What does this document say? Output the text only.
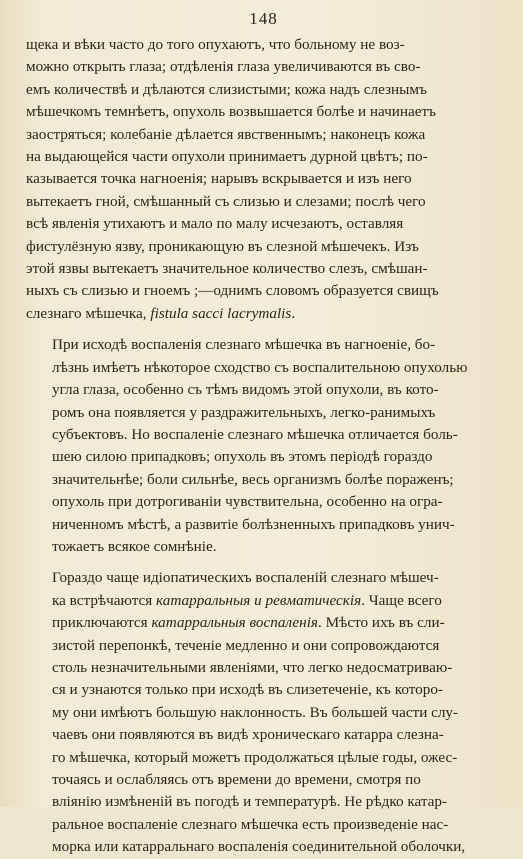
148

щека и вѣки часто до того опухаютъ, что больному не воз-
можно открыть глаза; отдѣленія глаза увеличиваются въ сво-
емъ количествѣ и дѣлаются слизистыми; кожа надъ слезнымъ
мѣшечкомъ темнѣетъ, опухоль возвышается болѣе и начинаетъ
заостряться; колебаніе дѣлается явственнымъ; наконецъ кожа
на выдающейся части опухоли принимаетъ дурной цвѣтъ; по-
казывается точка нагноенія; нарывъ вскрывается и изъ него
вытекаетъ гной, смѣшанный съ слизью и слезами; послѣ чего
всѣ явленія утихаютъ и мало по малу исчезаютъ, оставляя
фистулёзную язву, проникающую въ слезной мѣшечекъ. Изъ
этой язвы вытекаетъ значительное количество слезъ, смѣшан-
ныхъ съ слизью и гноемъ ;—однимъ словомъ образуется свищъ
слезнаго мѣшечка, fistula sacci lacrymalis.

При исходѣ воспаленія слезнаго мѣшечка въ нагноеніе, бо-
лѣзнь имѣетъ нѣкоторое сходство съ воспалительною опухолью
угла глаза, особенно съ тѣмъ видомъ этой опухоли, въ кото-
ромъ она появляется у раздражительныхъ, легко-ранимыхъ
субъектовъ. Но воспаленіе слезнаго мѣшечка отличается боль-
шею силою припадковъ; опухоль въ этомъ періодѣ гораздо
значительнѣе; боли сильнѣе, весь организмъ болѣе пораженъ;
опухоль при дотрогиваніи чувствительна, особенно на огра-
ниченномъ мѣстѣ, а развитіе болѣзненныхъ припадковъ унич-
тожаетъ всякое сомнѣніе.

Гораздо чаще идіопатическихъ воспаленій слезнаго мѣшеч-
ка встрѣчаются катарральныя и ревматическія. Чаще всего
приключаются катарральныя воспаленія. Мѣсто ихъ въ сли-
зистой перепонкѣ, теченіе медленно и они сопровождаются
столь незначительными явленіями, что легко недосматриваю-
ся и узнаются только при исходѣ въ слизетеченіе, къ которо-
му они имѣютъ большую наклонность. Въ большей части слу-
чаевъ они появляются въ видѣ хроническаго катарра слезна-
го мѣшечка, который можетъ продолжаться цѣлые годы, ожес-
точаясь и ослабляясь отъ времени до времени, смотря по
вліянію измѣненій въ погодѣ и температурѣ. Не рѣдко катар-
ральное воспаленіе слезнаго мѣшечка есть произведеніе нас-
морка или катарральнаго воспаленія соединительной оболочки,
